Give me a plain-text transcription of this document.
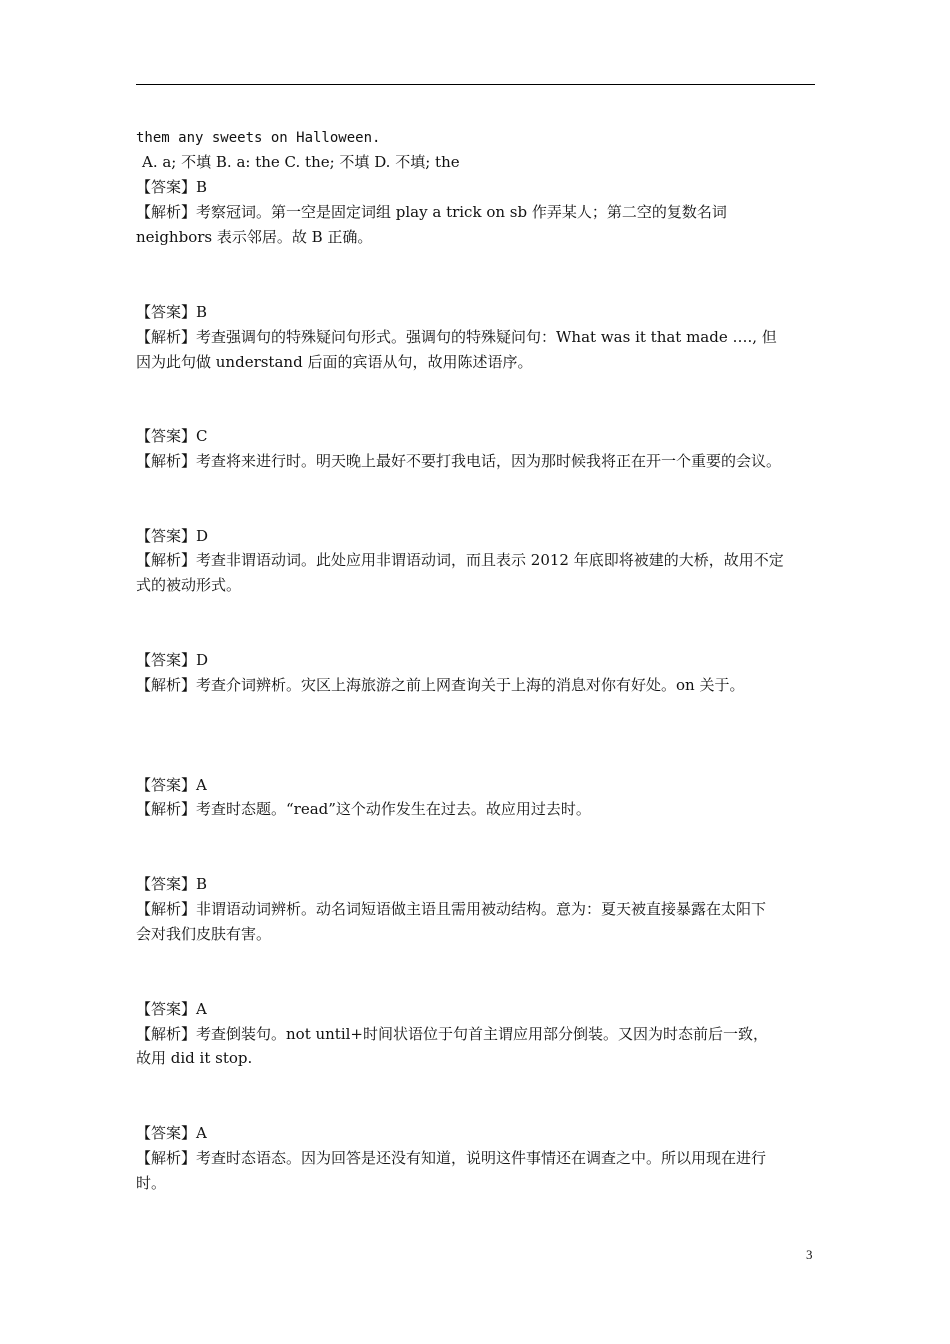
them any sweets on Halloween.
A. a; 不填 B. a: the C. the; 不填 D. 不填; the
【答案】B
【解析】考察冠词。第一空是固定词组 play a trick on sb 作弄某人；第二空的复数名词
neighbors 表示邻居。故 B 正确。
【答案】B
【解析】考查强调句的特殊疑问句形式。强调句的特殊疑问句：What was it that made …., 但
因为此句做 understand 后面的宾语从句，故用陈述语序。
【答案】C
【解析】考查将来进行时。明天晚上最好不要打我电话，因为那时候我将正在开一个重要的会议。
【答案】D
【解析】考查非谓语动词。此处应用非谓语动词，而且表示 2012 年底即将被建的大桥，故用不定
式的被动形式。
【答案】D
【解析】考查介词辨析。灾区上海旅游之前上网查询关于上海的消息对你有好处。on 关于。
【答案】A
【解析】考查时态题。“read”这个动作发生在过去。故应用过去时。
【答案】B
【解析】非谓语动词辨析。动名词短语做主语且需用被动结构。意为：夏天被直接暴露在太阳下
会对我们皮肤有害。
【答案】A
【解析】考查倒装句。not until+时间状语位于句首主谓应用部分倒装。又因为时态前后一致，
故用 did it stop.
【答案】A
【解析】考查时态语态。因为回答是还没有知道，说明这件事情还在调查之中。所以用现在进行
时。
3
